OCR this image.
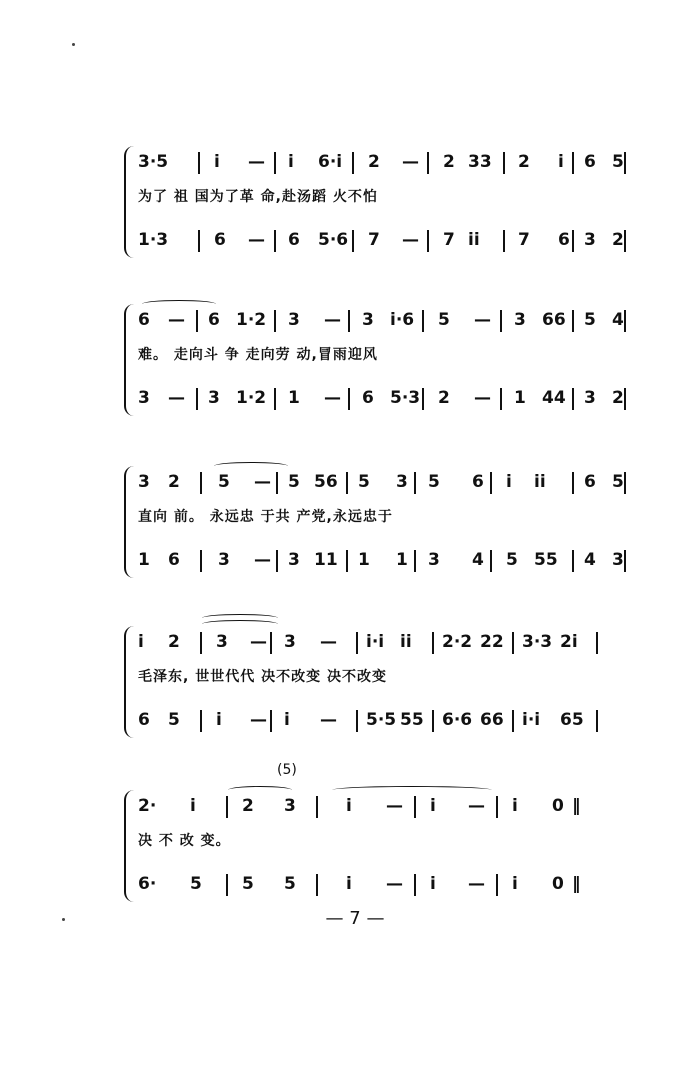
3·5	i — i 6·i 2 — 2 33 2 i 6 5
为了 祖 国为了革 命,赴汤蹈 火不怕
1·3	6 — 6 5·6 7 — 7 ii 7 6 3 2
6 — 6 1·2 3 — 3 i·6 5 — 3 66 5 4
难。 走向斗 争 走向劳 动,冒雨迎风
3 — 3 1·2 1 — 6 5·3 2 — 1 44 3 2
3 2 5 — 5 56 5 3 5 6 i ii 6 5
直向 前。 永远忠 于共 产党,永远忠于
1 6 3 — 3 11 1 1 3 4 5 55 4 3
i 2 3 — 3 — i·i ii 2·2 22 3·3 2i
毛泽东, 世世代代 决不改变 决不改变
6 5 i — i — 5·5 55 6·6 66 i·i 65
2· i	2 3	i — i — i 0 ‖
决 不 改 变。
6· 5 5 5	i — i — i 0 ‖
(5)
— 7 —
